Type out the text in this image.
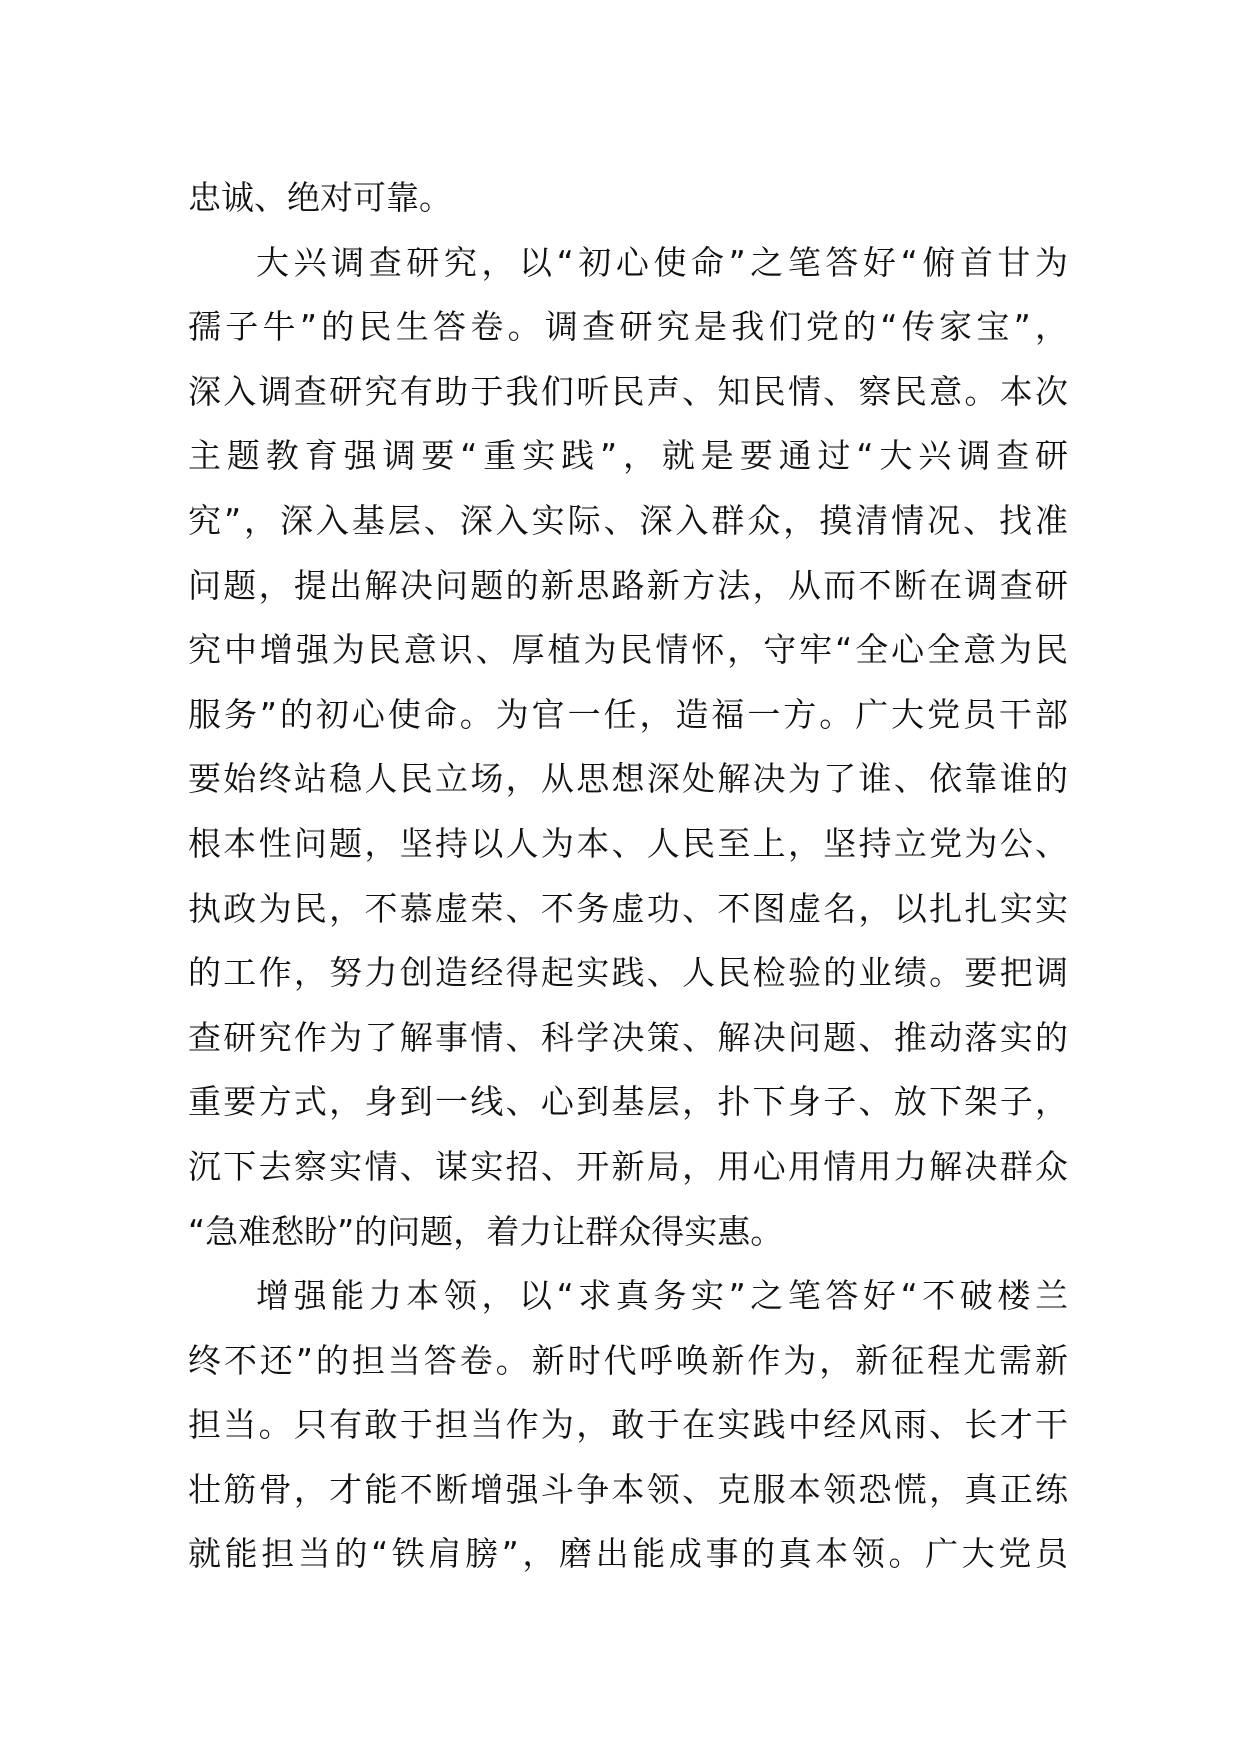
忠诚、绝对可靠。
大兴调查研究，以“初心使命”之笔答好“俯首甘为
孺子牛”的民生答卷。调查研究是我们党的“传家宝”，
深入调查研究有助于我们听民声、知民情、察民意。本次
主题教育强调要“重实践”，就是要通过“大兴调查研
究”，深入基层、深入实际、深入群众，摸清情况、找准
问题，提出解决问题的新思路新方法，从而不断在调查研
究中增强为民意识、厚植为民情怀，守牢“全心全意为民
服务”的初心使命。为官一任，造福一方。广大党员干部
要始终站稳人民立场，从思想深处解决为了谁、依靠谁的
根本性问题，坚持以人为本、人民至上，坚持立党为公、
执政为民，不慕虚荣、不务虚功、不图虚名，以扎扎实实
的工作，努力创造经得起实践、人民检验的业绩。要把调
查研究作为了解事情、科学决策、解决问题、推动落实的
重要方式，身到一线、心到基层，扑下身子、放下架子，
沉下去察实情、谋实招、开新局，用心用情用力解决群众
“急难愁盼”的问题，着力让群众得实惠。
增强能力本领，以“求真务实”之笔答好“不破楼兰
终不还”的担当答卷。新时代呼唤新作为，新征程尤需新
担当。只有敢于担当作为，敢于在实践中经风雨、长才干
壮筋骨，才能不断增强斗争本领、克服本领恐慌，真正练
就能担当的“铁肩膀”，磨出能成事的真本领。广大党员
